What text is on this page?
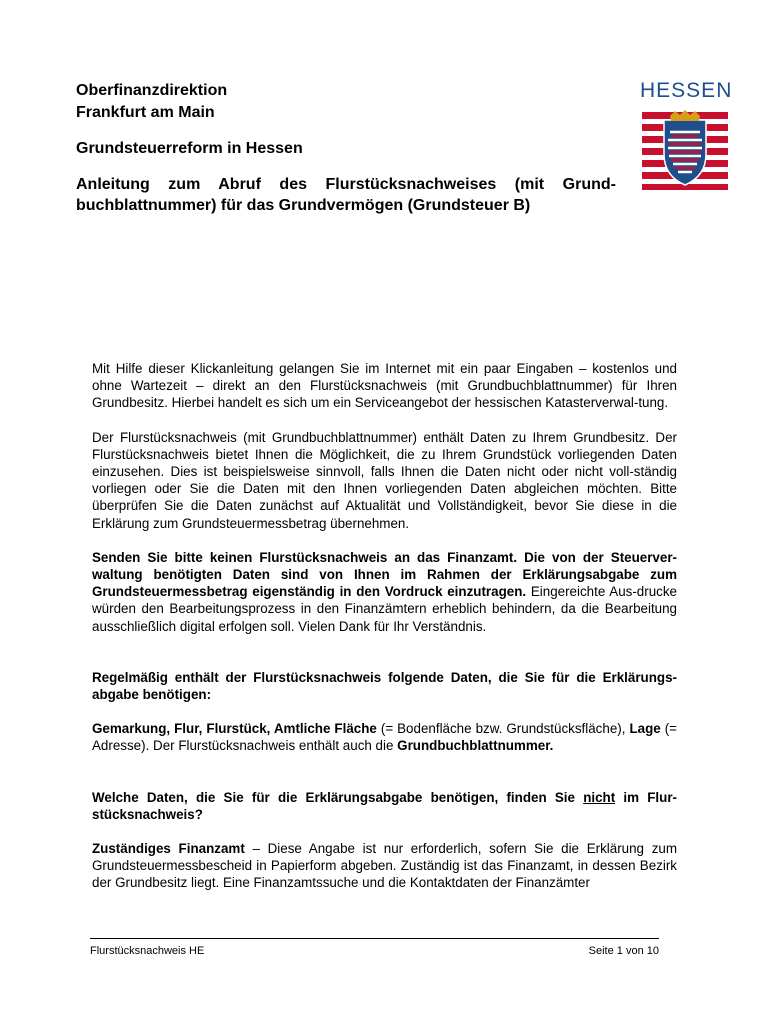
Oberfinanzdirektion

Frankfurt am Main

Grundsteuerreform in Hessen

Anleitung zum Abruf des Flurstücksnachweises (mit Grund-buchblattnummer) für das Grundvermögen (Grundsteuer B)
HESSEN

Mit Hilfe dieser Klickanleitung gelangen Sie im Internet mit ein paar Eingaben – kostenlos und ohne Wartezeit – direkt an den Flurstücksnachweis (mit Grundbuchblattnummer) für Ihren Grundbesitz. Hierbei handelt es sich um ein Serviceangebot der hessischen Katasterverwal-tung.

Der Flurstücksnachweis (mit Grundbuchblattnummer) enthält Daten zu Ihrem Grundbesitz. Der Flurstücksnachweis bietet Ihnen die Möglichkeit, die zu Ihrem Grundstück vorliegenden Daten einzusehen. Dies ist beispielsweise sinnvoll, falls Ihnen die Daten nicht oder nicht voll-ständig vorliegen oder Sie die Daten mit den Ihnen vorliegenden Daten abgleichen möchten. Bitte überprüfen Sie die Daten zunächst auf Aktualität und Vollständigkeit, bevor Sie diese in die Erklärung zum Grundsteuermessbetrag übernehmen.

Senden Sie bitte keinen Flurstücksnachweis an das Finanzamt. Die von der Steuerver-waltung benötigten Daten sind von Ihnen im Rahmen der Erklärungsabgabe zum Grundsteuermessbetrag eigenständig in den Vordruck einzutragen. Eingereichte Aus-drucke würden den Bearbeitungsprozess in den Finanzämtern erheblich behindern, da die Bearbeitung ausschließlich digital erfolgen soll. Vielen Dank für Ihr Verständnis.

Regelmäßig enthält der Flurstücksnachweis folgende Daten, die Sie für die Erklärungs-abgabe benötigen:

Gemarkung, Flur, Flurstück, Amtliche Fläche (= Bodenfläche bzw. Grundstücksfläche), Lage (= Adresse). Der Flurstücksnachweis enthält auch die Grundbuchblattnummer.

Welche Daten, die Sie für die Erklärungsabgabe benötigen, finden Sie nicht im Flur-stücksnachweis?

Zuständiges Finanzamt – Diese Angabe ist nur erforderlich, sofern Sie die Erklärung zum Grundsteuermessbescheid in Papierform abgeben. Zuständig ist das Finanzamt, in dessen Bezirk der Grundbesitz liegt. Eine Finanzamtssuche und die Kontaktdaten der Finanzämter

Flurstücksnachweis HE	Seite 1 von 10
